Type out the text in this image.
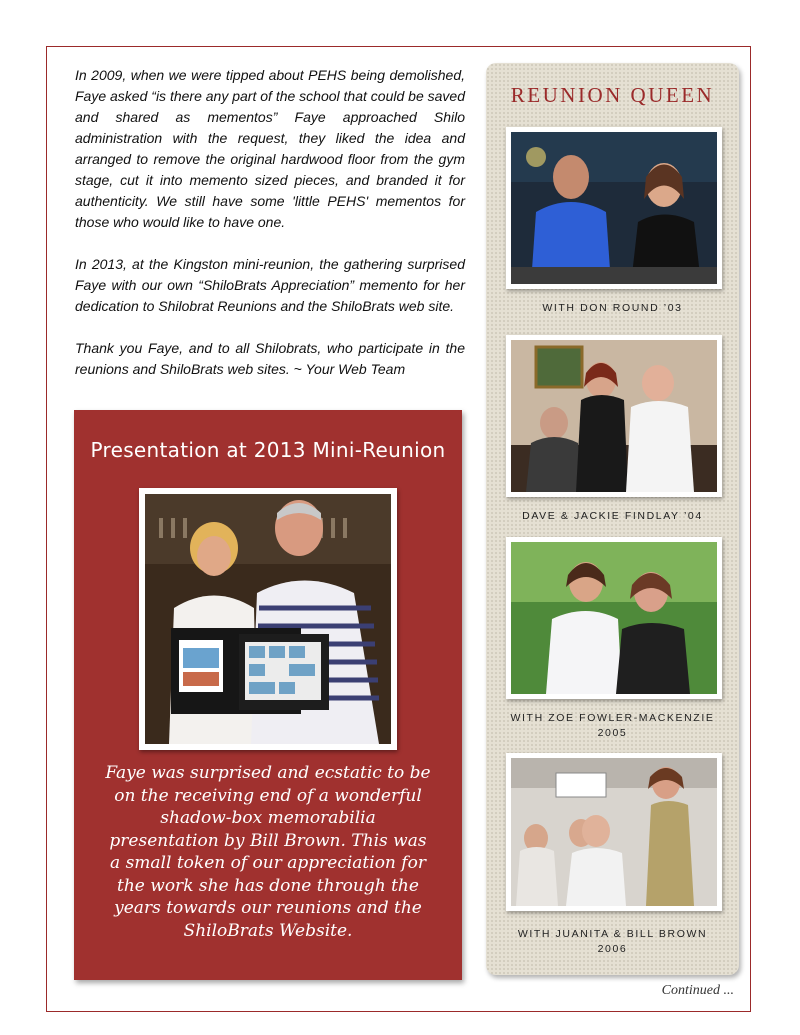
In 2009, when we were tipped about PEHS being demolished, Faye asked “is there any part of the school that could be saved and shared as mementos” Faye approached Shilo administration with the request, they liked the idea and arranged to remove the original hardwood floor from the gym stage, cut it into memento sized pieces, and branded it for authenticity. We still have some 'little PEHS' mementos for those who would like to have one.

In 2013, at the Kingston mini-reunion, the gathering surprised Faye with our own “ShiloBrats Appreciation” memento for her dedication to Shilobrat Reunions and the ShiloBrats web site.

Thank you Faye, and to all Shilobrats, who participate in the reunions and ShiloBrats web sites. ~ Your Web Team

Presentation at 2013 Mini-Reunion
Faye was surprised and ecstatic to be on the receiving end of a wonderful shadow-box memorabilia presentation by Bill Brown. This was a small token of our appreciation for the work she has done through the years towards our reunions and the ShiloBrats Website.
REUNION QUEEN
WITH DON ROUND ’03
DAVE & JACKIE FINDLAY ’04
WITH ZOE FOWLER-MACKENZIE
2005
WITH JUANITA & BILL BROWN
2006
Continued ...
